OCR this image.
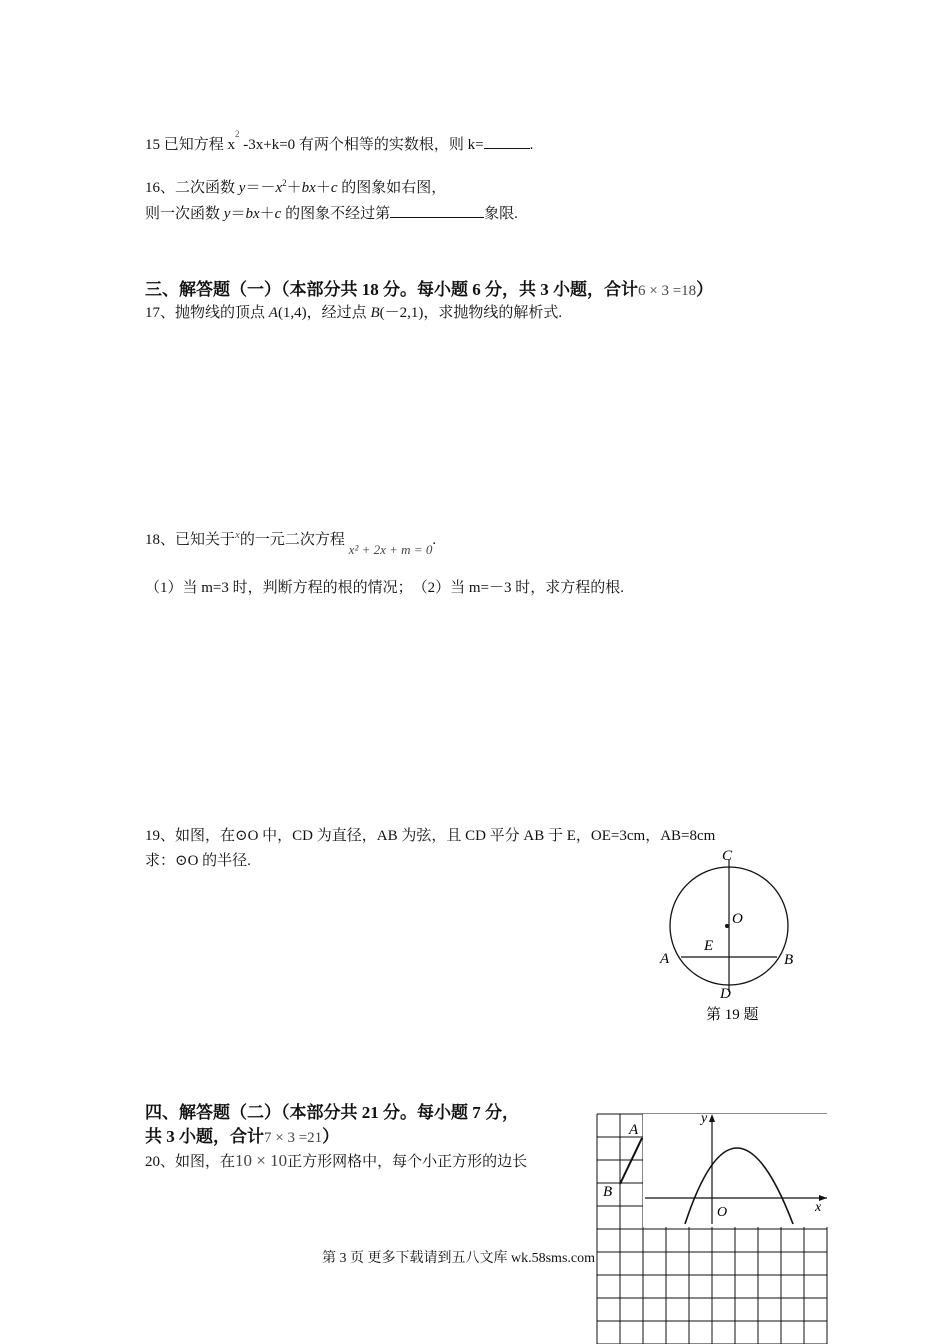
15 已知方程 $x^2$ -3x+k=0 有两个相等的实数根，则 k=	.
16、二次函数 $y=-x^2+bx+c$ 的图象如右图，
则一次函数 y＝bx＋c 的图象不经过第	象限.
三、解答题（一）（本部分共 18 分。每小题 6 分，共 3 小题，合计6 × 3 =18）
17、抛物线的顶点 A(1,4)，经过点 B(－2,1)，求抛物线的解析式.
18、已知关于$^x$的一元二次方程 x² + 2x + m = 0.
（1）当 m=3 时，判断方程的根的情况；　（2）当 m=－3 时，求方程的根.
19、如图，在⊙O 中，CD 为直径，AB 为弦，且 CD 平分 AB 于 E，OE=3cm，AB=8cm
求：⊙O 的半径.	C
O
E
A	B
D
第 19 题
四、解答题（二）（本部分共 21 分。每小题 7 分，
共 3 小题，合计7 × 3 =21）
20、如图，在10 × 10正方形网格中，每个小正方形的边长
y
x
O
A
B
第 3 页 更多下载请到五八文库 wk.58sms.com
